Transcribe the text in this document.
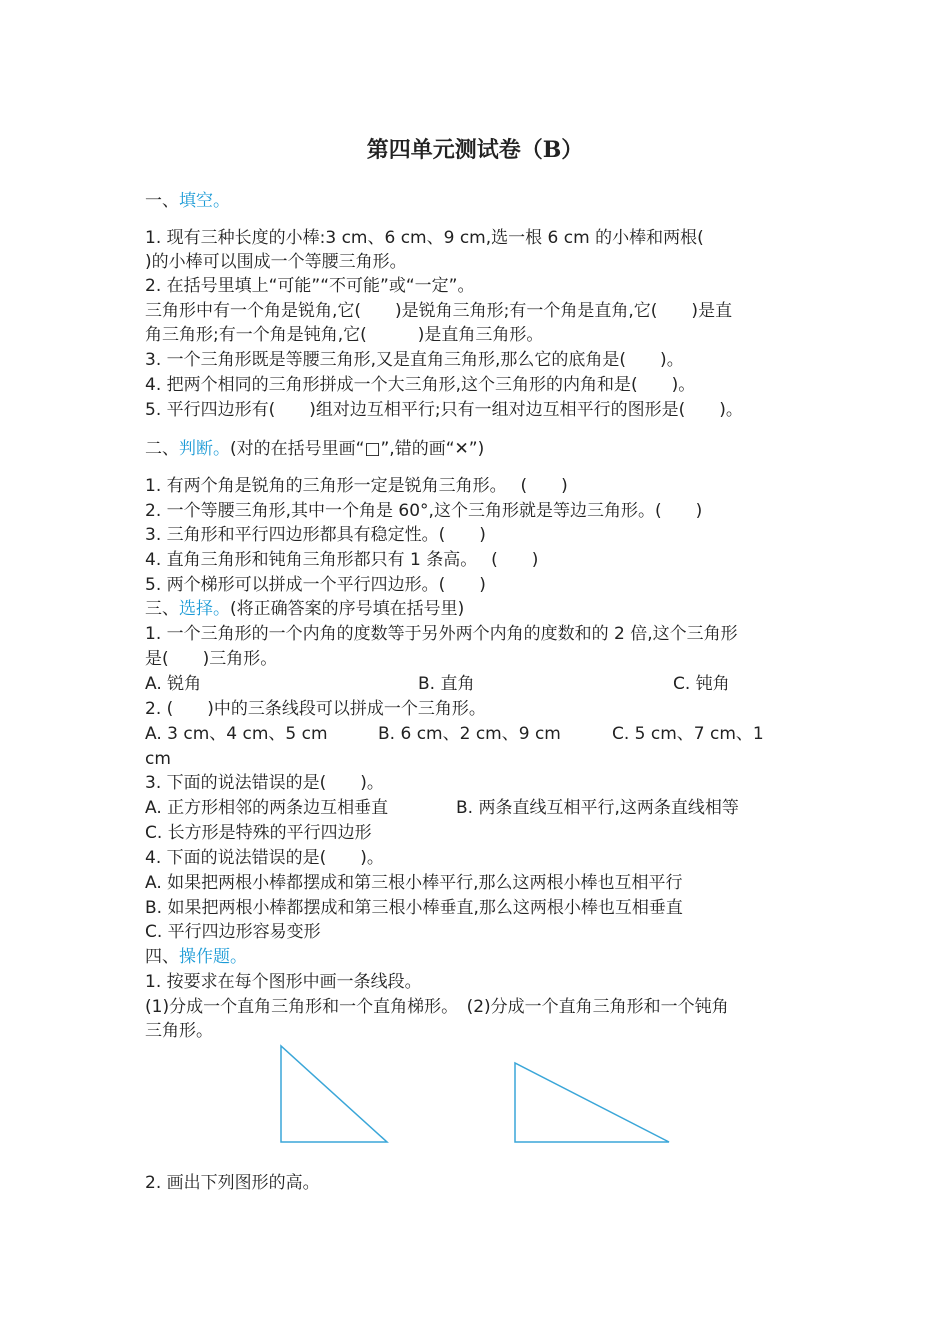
第四单元测试卷（B）
一、填空。
1. 现有三种长度的小棒:3 cm、6 cm、9 cm,选一根 6 cm 的小棒和两根(
)的小棒可以围成一个等腰三角形。
2. 在括号里填上“可能”“不可能”或“一定”。
三角形中有一个角是锐角,它(　　)是锐角三角形;有一个角是直角,它(　　)是直
角三角形;有一个角是钝角,它(　　　)是直角三角形。
3. 一个三角形既是等腰三角形,又是直角三角形,那么它的底角是(　　)。
4. 把两个相同的三角形拼成一个大三角形,这个三角形的内角和是(　　)。
5. 平行四边形有(　　)组对边互相平行;只有一组对边互相平行的图形是(　　)。
二、判断。(对的在括号里画“□”,错的画“✕”)
1. 有两个角是锐角的三角形一定是锐角三角形。　 (　　)
2. 一个等腰三角形,其中一个角是 60°,这个三角形就是等边三角形。(　　)
3. 三角形和平行四边形都具有稳定性。(　　)
4. 直角三角形和钝角三角形都只有 1 条高。　 (　　)
5. 两个梯形可以拼成一个平行四边形。(　　)
三、选择。(将正确答案的序号填在括号里)
1. 一个三角形的一个内角的度数等于另外两个内角的度数和的 2 倍,这个三角形
是(　　)三角形。
A. 锐角	B. 直角	C. 钝角
2. (　　)中的三条线段可以拼成一个三角形。
A. 3 cm、4 cm、5 cm	B. 6 cm、2 cm、9 cm	C. 5 cm、7 cm、1
cm
3. 下面的说法错误的是(　　)。
A. 正方形相邻的两条边互相垂直	B. 两条直线互相平行,这两条直线相等
C. 长方形是特殊的平行四边形
4. 下面的说法错误的是(　　)。
A. 如果把两根小棒都摆成和第三根小棒平行,那么这两根小棒也互相平行
B. 如果把两根小棒都摆成和第三根小棒垂直,那么这两根小棒也互相垂直
C. 平行四边形容易变形
四、操作题。
1. 按要求在每个图形中画一条线段。
(1)分成一个直角三角形和一个直角梯形。　(2)分成一个直角三角形和一个钝角
三角形。
2. 画出下列图形的高。
